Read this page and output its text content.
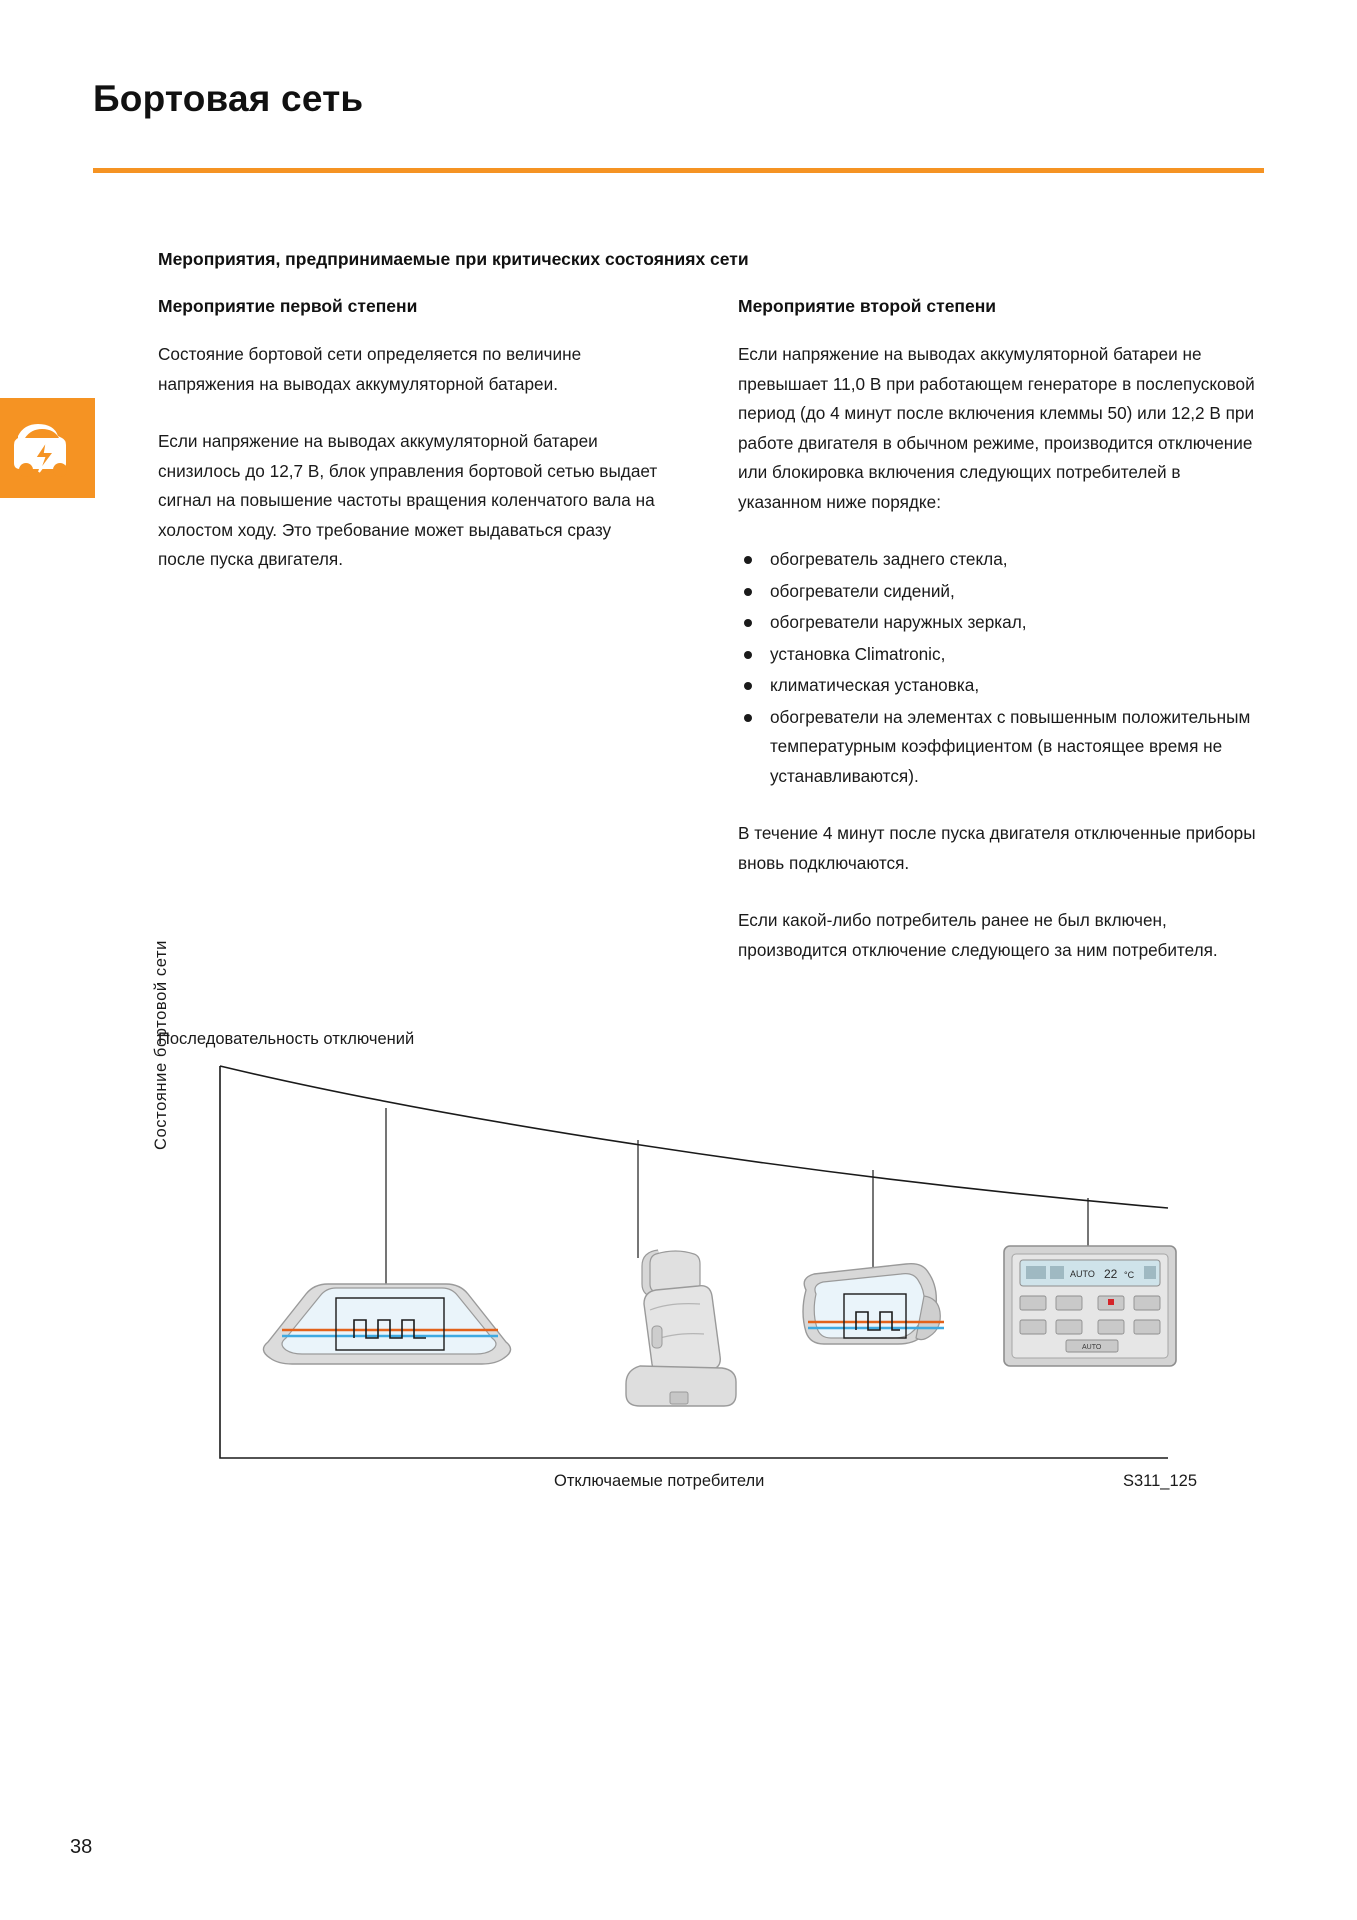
Бортовая сеть
Мероприятия, предпринимаемые при критических состояниях сети
Мероприятие первой степени

Состояние бортовой сети определяется по величине напряжения на выводах аккумуляторной батареи.

Если напряжение на выводах аккумуляторной батареи снизилось до 12,7 В, блок управления бортовой сетью выдает сигнал на повышение частоты вращения коленчатого вала на холостом ходу. Это требование может выдаваться сразу после пуска двигателя.

Мероприятие второй степени

Если напряжение на выводах аккумуляторной батареи не превышает 11,0 В при работающем генераторе в послепусковой период (до 4 минут после включения клеммы 50) или 12,2 В при работе двигателя в обычном режиме, производится отключение или блокировка включения следующих потребителей в указанном ниже порядке:

обогреватель заднего стекла,
обогреватели сидений,
обогреватели наружных зеркал,
установка Climatronic,
климатическая установка,
обогреватели на элементах с повышенным положительным температурным коэффициентом (в настоящее время не устанавливаются).

В течение 4 минут после пуска двигателя отключенные приборы вновь подключаются.

Если какой-либо потребитель ранее не был включен, производится отключение следующего за ним потребителя.

Последовательность отключений
Состояние бортовой сети
Отключаемые потребители	S311_125
AUTO 22 °C
AUTO
38
